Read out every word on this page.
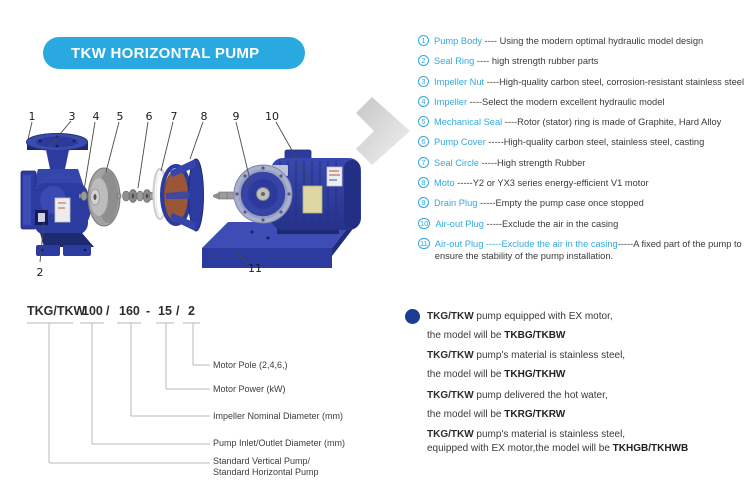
TKW HORIZONTAL PUMP
1	3 4 5 6 7 8 9 10
2	11
1 Pump Body ---- Using the modern optimal hydraulic model design
2 Seal Ring ---- high strength rubber parts
3 Impeller Nut ----High-quality carbon steel, corrosion-resistant stainless steel
4 Impeller ----Select the modern excellent hydraulic model
5 Mechanical Seal ----Rotor (stator) ring is made of Graphite, Hard Alloy
6 Pump Cover -----High-quality carbon steel, stainless steel, casting
7 Seal Circle -----High strength Rubber
8 Moto -----Y2 or YX3 series energy-efficient V1 motor
9 Drain Plug -----Empty the pump case once stopped
10 Air-out Plug -----Exclude the air in the casing
11 Air-out Plug -----Exclude the air in the casing-----A fixed part of the pump to ensure the stability of the pump installation.
TKG/TKW
100 / 160 - 15 / 2
Motor Pole (2,4,6,)
Motor Power (kW)
Impeller Nominal Diameter (mm)
Pump Inlet/Outlet Diameter (mm)
Standard Vertical Pump/
Standard Horizontal Pump
TKG/TKW pump equipped with EX motor,
the model will be TKBG/TKBW
TKG/TKW pump's material is stainless steel,
the model will be TKHG/TKHW
TKG/TKW pump delivered the hot water,
the model will be TKRG/TKRW
TKG/TKW pump's material is stainless steel,
equipped with EX motor,the model will be TKHGB/TKHWB
